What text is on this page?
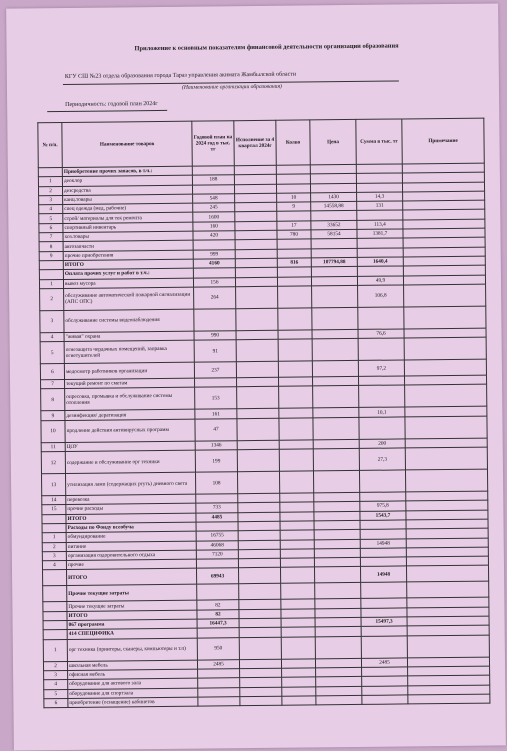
Приложение к основным показателям финансовой деятельности организации образования
КГУ СШ №23 отдела образования города Тараз управления акимата Жамбылской области
(Наименование организации образования)
Периодичность: годовой план 2024г
№ п/п.	Наименование товаров	Годовой план на 2024 год в тыс. тг	Исполнение за 4 квартал 2024г	Колво	Цена	Сумма в тыс. тг	Примечание
	Приобретение прочих запасов, в т.ч.:						
1	деоклор	188					
2	дезсредства						
3	канц.товары	548		10	1430	14,3	
4	спец одежда (мед, рабочие)	245		9	14558,88	131	
5	строй/ материалы для тек ремонта	1600					
6	спортивный инвентарь	160		17	33652	113,4	
7	хоз.товары	420		780	58154	1381,7	
8	автозапчасти						
9	прочие приобретения	999					
	ИТОГО	4160		816	107794,88	1640,4	
	Оплата прочих услуг и работ в т.ч.:						
1	вывоз мусора	156				49,9	
2	обслуживание автоматической пожарной сигнализации (АПС ОПС)	264				106,8	
3	обслуживание системы видеонаблюдения						
4	"живая" охрана	990				76,6	
5	огнезащита чердачных помещений, заправка огнетушителей	91					
6	медосмотр работников организации	237				97,2	
7	текущий ремонт по сметам						
8	опресовка, промывка и обслуживание системы отопления	153					
9	дезинфекция/ дератизация	161				10,1	
10	продление действия антивирусных программ	47					
11	ЦОУ	1346				200	
12	содержание и обслуживание орг техники	199				27,3	
13	утилизация ламп (содержащих ртуть) дневного света	108					
14	перевозка						
15	прочие расходы	733				975,8	
	ИТОГО	4485				1543,7	
	Расходы по Фонду всеобуча						
1	обмундирование	16755					
2	питание	46068				14948	
3	организация оздоровительного отдыха	7120					
4	прочие						
	ИТОГО	69943				14948	
	Прочие текущие затраты						
	Прочие текущие затраты	82					
	ИТОГО	82					
	067 программа	16447,3				15497,3	
	414 СПЕЦИФИКА						
1	орг техника (принтеры, сканеры, компьютеры и т.п)	950					
2	школьная мебель	2485				2485	
3	офисная мебель						
4	оборудование для актового зала						
5	оборудование для спортзала						
6	приобретение (оснащение) кабинетов						
